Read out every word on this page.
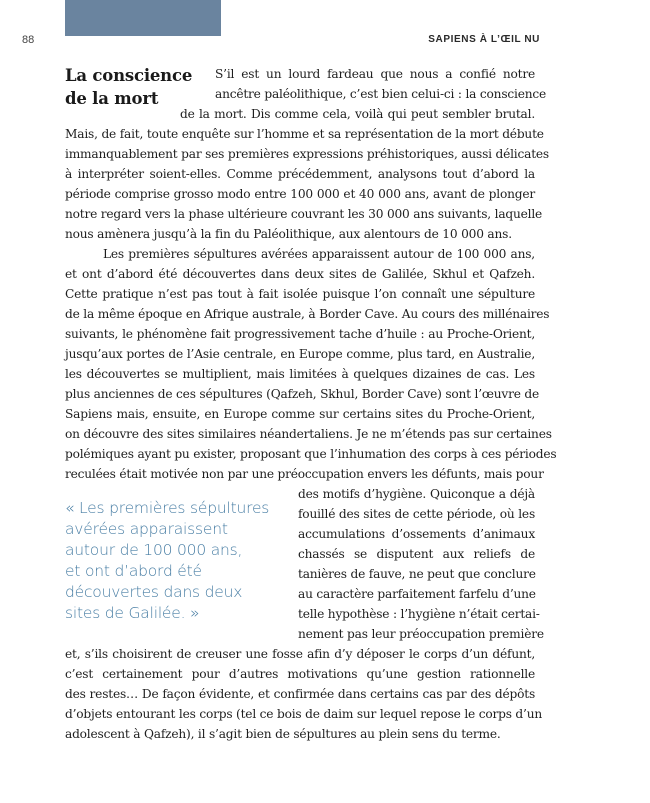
88	SAPIENS À L’ŒIL NU
La conscience
de la mort

S’il est un lourd fardeau que nous a confié notre

ancêtre paléolithique, c’est bien celui-ci : la conscience

de la mort. Dis comme cela, voilà qui peut sembler brutal.

Mais, de fait, toute enquête sur l’homme et sa représentation de la mort débute

immanquablement par ses premières expressions préhistoriques, aussi délicates

à interpréter soient-elles. Comme précédemment, analysons tout d’abord la

période comprise grosso modo entre 100 000 et 40 000 ans, avant de plonger

notre regard vers la phase ultérieure couvrant les 30 000 ans suivants, laquelle

nous amènera jusqu’à la fin du Paléolithique, aux alentours de 10 000 ans.

Les premières sépultures avérées apparaissent autour de 100 000 ans,

et ont d’abord été découvertes dans deux sites de Galilée, Skhul et Qafzeh.

Cette pratique n’est pas tout à fait isolée puisque l’on connaît une sépulture

de la même époque en Afrique australe, à Border Cave. Au cours des millénaires

suivants, le phénomène fait progressivement tache d’huile : au Proche-Orient,

jusqu’aux portes de l’Asie centrale, en Europe comme, plus tard, en Australie,

les découvertes se multiplient, mais limitées à quelques dizaines de cas. Les

plus anciennes de ces sépultures (Qafzeh, Skhul, Border Cave) sont l’œuvre de

Sapiens mais, ensuite, en Europe comme sur certains sites du Proche-Orient,

on découvre des sites similaires néandertaliens. Je ne m’étends pas sur certaines

polémiques ayant pu exister, proposant que l’inhumation des corps à ces périodes

reculées était motivée non par une préoccupation envers les défunts, mais pour

des motifs d’hygiène. Quiconque a déjà

fouillé des sites de cette période, où les

accumulations d’ossements d’animaux

chassés se disputent aux reliefs de

tanières de fauve, ne peut que conclure

au caractère parfaitement farfelu d’une

telle hypothèse : l’hygiène n’était certai-

nement pas leur préoccupation première

et, s’ils choisirent de creuser une fosse afin d’y déposer le corps d’un défunt,

c’est certainement pour d’autres motivations qu’une gestion rationnelle

des restes… De façon évidente, et confirmée dans certains cas par des dépôts

d’objets entourant les corps (tel ce bois de daim sur lequel repose le corps d’un

adolescent à Qafzeh), il s’agit bien de sépultures au plein sens du terme.

« Les premières sépultures
avérées apparaissent
autour de 100 000 ans,
et ont d’abord été
découvertes dans deux
sites de Galilée. »
